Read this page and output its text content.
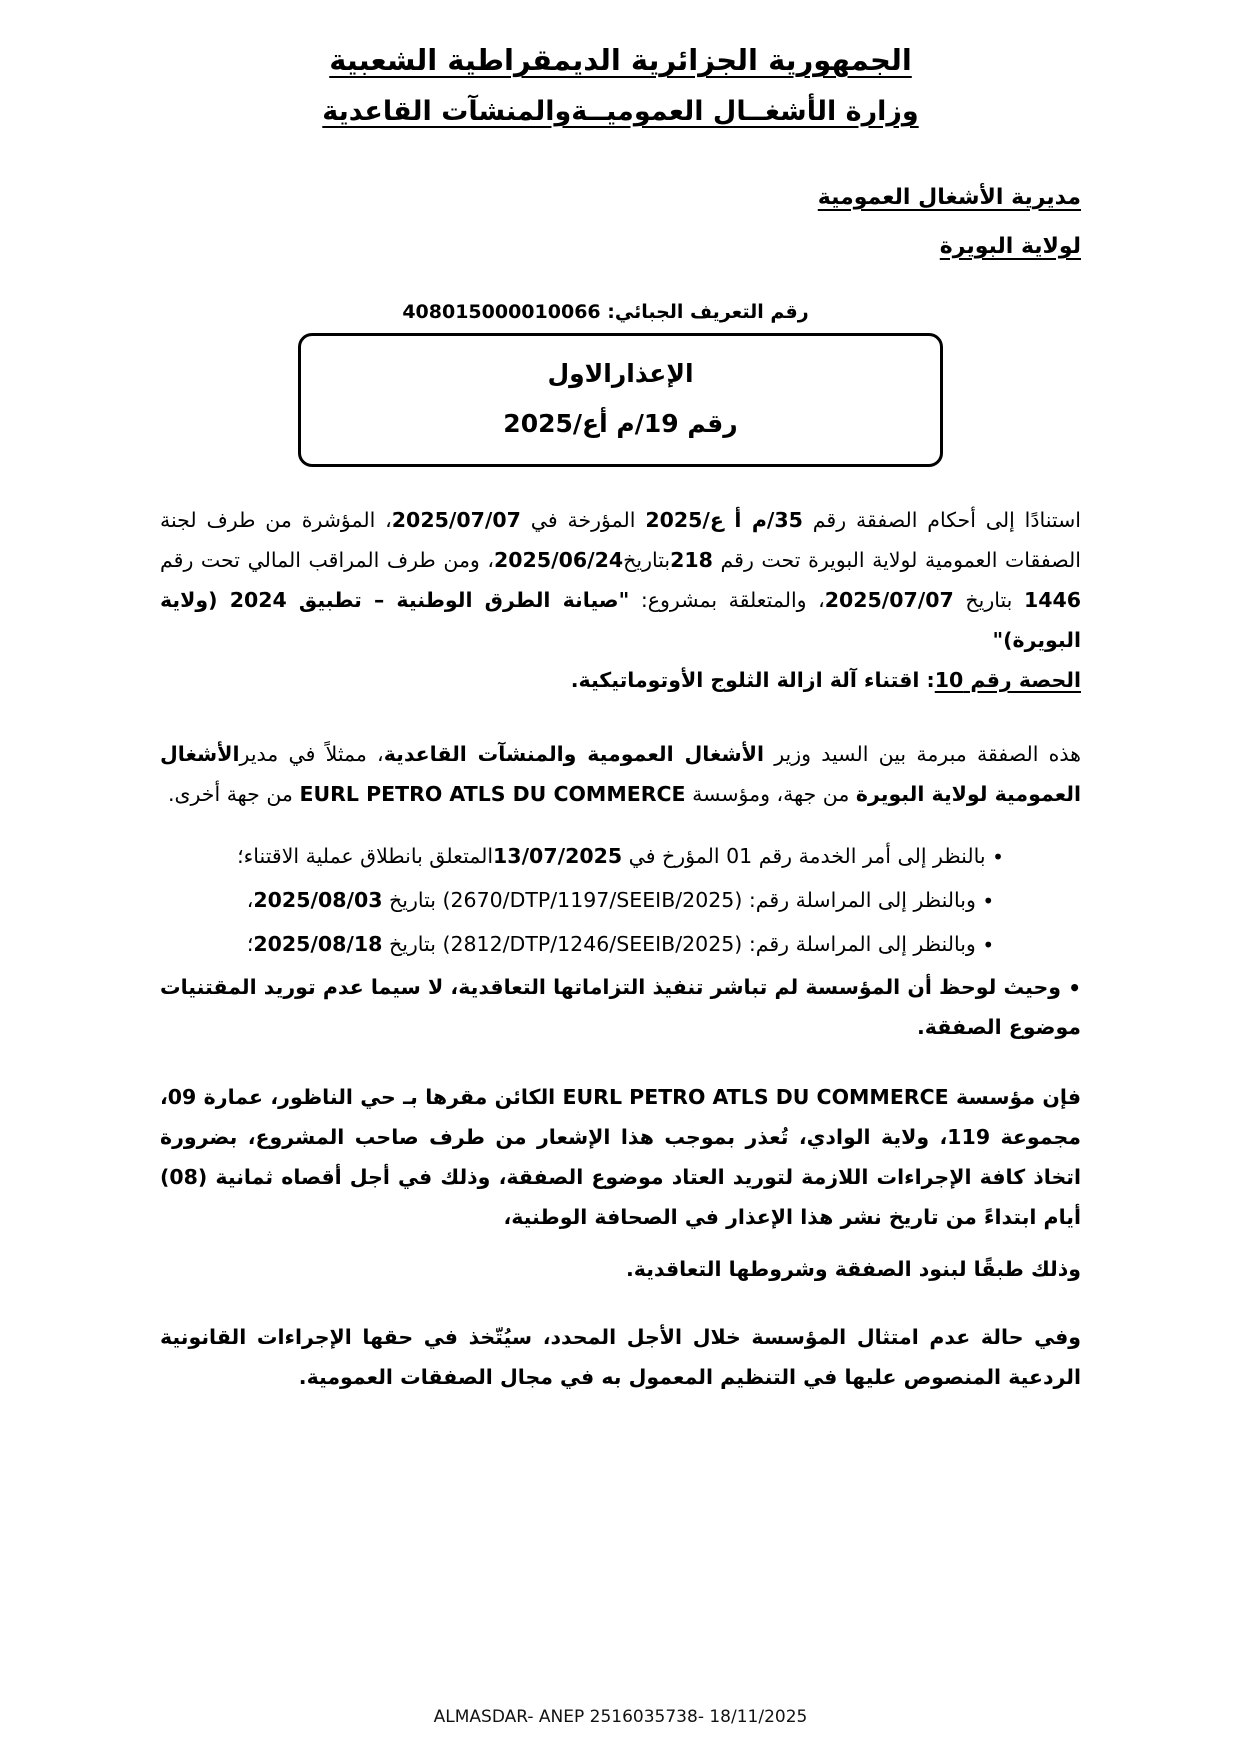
الجمهورية الجزائرية الديمقراطية الشعبية
وزارة الأشغــال العموميــةوالمنشآت القاعدية
مديرية الأشغال العمومية
لولاية البويرة
رقم التعريف الجبائي: 408015000010066
الإعذارالاول
رقم 19/م أع/2025

استنادًا إلى أحكام الصفقة رقم 35/م أ ع/2025 المؤرخة في 2025/07/07، المؤشرة من طرف لجنة الصفقات العمومية لولاية البويرة تحت رقم 218بتاريخ2025/06/24، ومن طرف المراقب المالي تحت رقم 1446 بتاريخ 2025/07/07، والمتعلقة بمشروع: "صيانة الطرق الوطنية – تطبيق 2024 (ولاية البويرة)"
الحصة رقم 10: اقتناء آلة ازالة الثلوج الأوتوماتيكية.

هذه الصفقة مبرمة بين السيد وزير الأشغال العمومية والمنشآت القاعدية، ممثلاً في مديرالأشغال العمومية لولاية البويرة من جهة، ومؤسسة EURL PETRO ATLS DU COMMERCE من جهة أخرى.

• بالنظر إلى أمر الخدمة رقم 01 المؤرخ في 13/07/2025المتعلق بانطلاق عملية الاقتناء؛
• وبالنظر إلى المراسلة رقم: (2670/DTP/1197/SEEIB/2025) بتاريخ 2025/08/03،
• وبالنظر إلى المراسلة رقم: (2812/DTP/1246/SEEIB/2025) بتاريخ 2025/08/18؛
• وحيث لوحظ أن المؤسسة لم تباشر تنفيذ التزاماتها التعاقدية، لا سيما عدم توريد المقتنيات موضوع الصفقة.

فإن مؤسسة EURL PETRO ATLS DU COMMERCE الكائن مقرها بـ حي الناظور، عمارة 09، مجموعة 119، ولاية الوادي، تُعذر بموجب هذا الإشعار من طرف صاحب المشروع، بضرورة اتخاذ كافة الإجراءات اللازمة لتوريد العتاد موضوع الصفقة، وذلك في أجل أقصاه ثمانية (08) أيام ابتداءً من تاريخ نشر هذا الإعذار في الصحافة الوطنية،

وذلك طبقًا لبنود الصفقة وشروطها التعاقدية.

وفي حالة عدم امتثال المؤسسة خلال الأجل المحدد، سيُتّخذ في حقها الإجراءات القانونية الردعية المنصوص عليها في التنظيم المعمول به في مجال الصفقات العمومية.

ALMASDAR- ANEP 2516035738- 18/11/2025
